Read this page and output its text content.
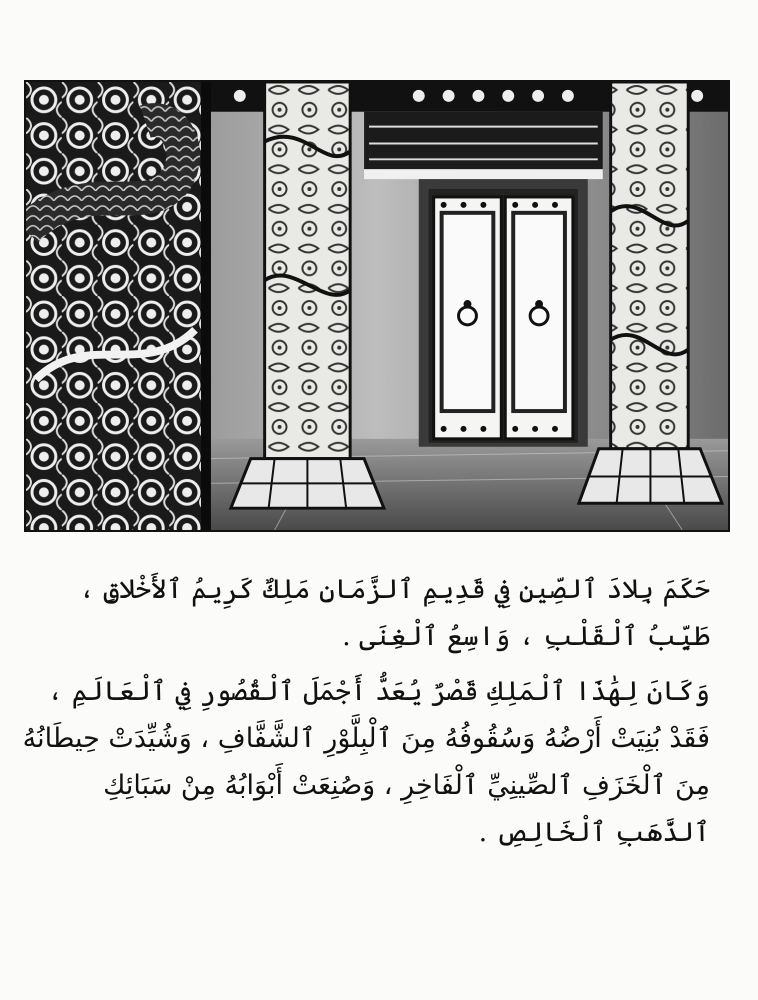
حَكَمَ بِلادَ ٱلصِّينِ فِي قَدِيمِ ٱلزَّمَانِ مَلِكٌ كَرِيمُ ٱلأَخْلاقِ ،
طَيِّبُ ٱلْقَلْبِ ، وَاسِعُ ٱلْغِنَى .

وَكَانَ لِهَٰذَا ٱلْمَلِكِ قَصْرٌ يُعَدُّ أَجْمَلَ ٱلْقُصُورِ فِي ٱلْعَالَمِ ،
فَقَدْ بُنِيَتْ أَرْضُهُ وَسُقُوفُهُ مِنَ ٱلْبِلَّوْرِ ٱلشَّفَّافِ ، وَشُيِّدَتْ حِيطَانُهُ
مِنَ ٱلْخَزَفِ ٱلصِّينِيِّ ٱلْفَاخِرِ ، وَصُنِعَتْ أَبْوَابُهُ مِنْ سَبَائِكِ
ٱلذَّهَبِ ٱلْخَالِصِ .
